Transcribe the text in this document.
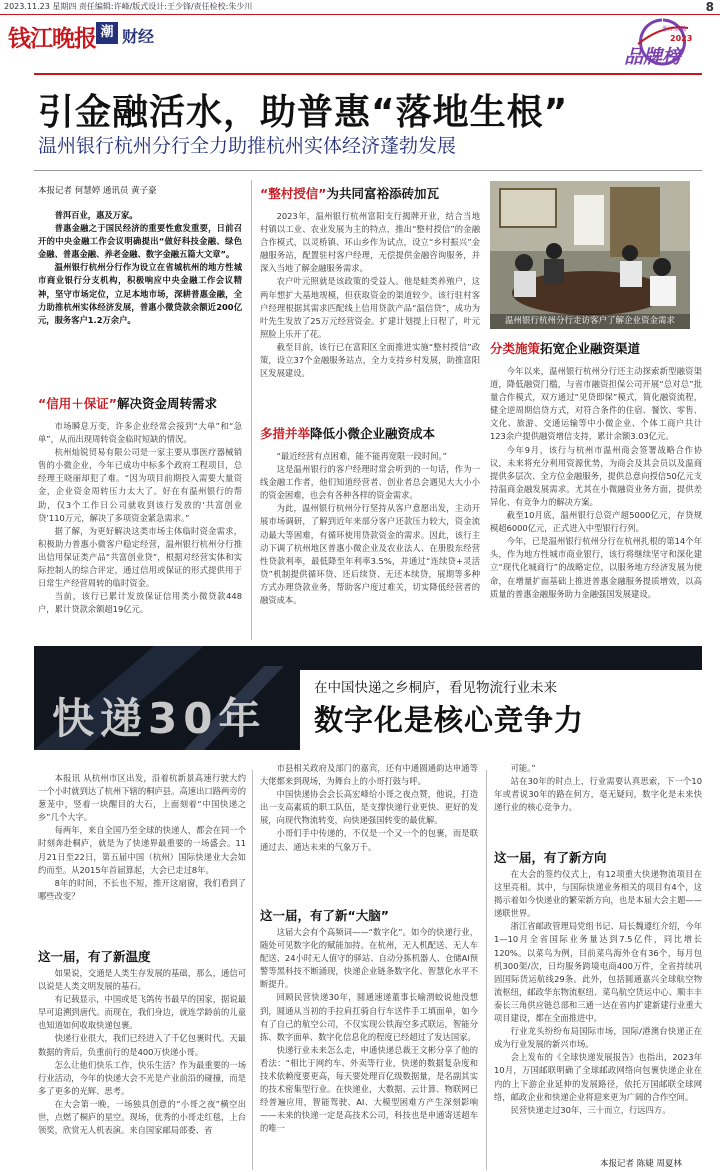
2023.11.23 星期四 责任编辑:许峰/版式设计:王少锋/责任检校:朱少川	8
钱江晚报 潮 财经	浙江金融
2023
品牌榜
引金融活水，助普惠“落地生根”
温州银行杭州分行全力助推杭州实体经济蓬勃发展
本报记者 何慧婷 通讯员 黄子豪

普洱百业，惠及万家。

普惠金融之于国民经济的重要性愈发重要，日前召开的中央金融工作会议明确提出“做好科技金融、绿色金融、普惠金融、养老金融、数字金融五篇大文章”。

温州银行杭州分行作为设立在省城杭州的地方性城市商业银行分支机构，积极响应中央金融工作会议精神，坚守市场定位，立足本地市场，深耕普惠金融，全力助推杭州实体经济发展，普惠小微贷款余额近200亿元，服务客户1.2万余户。

“信用＋保证”解决资金周转需求

市场瞬息万变，许多企业经常会接到“大单”和“急单”，从而出现周转资金临时短缺的情况。

杭州灿锐贸易有限公司是一家主要从事医疗器械销售的小微企业，今年已成功中标多个政府工程项目，总经理王晓丽却犯了难。“因为项目前期投入需要大量资金，企业资金周转压力太大了。好在有温州银行的帮助，仅3个工作日公司就收到该行发放的‘共富创业贷’110万元，解决了多项资金紧急需求。”

据了解，为更好解决这类市场主体临时资金需求，积极助力普惠小微客户稳定经营，温州银行杭州分行推出信用保证类产品“共富创业贷”，根据对经营实体和实际控制人的综合评定，通过信用或保证的形式提供用于日常生产经营周转的临时资金。

当前，该行已累计发放保证信用类小微贷款448户，累计贷款余额超19亿元。

“整村授信”为共同富裕添砖加瓦

2023年，温州银行杭州富阳支行揭牌开业，结合当地村镇以工业、农业发展为主的特点，推出“整村授信”的金融合作模式，以灵桥镇、环山乡作为试点，设立“乡村振兴”金融服务站，配置驻村客户经理，无偿提供金融咨询服务，并深入当地了解金融服务需求。

农户叶元照就是该政策的受益人。他是蛙类养殖户，这两年想扩大基地规模，但获取资金的渠道较少。该行驻村客户经理根据其需求匹配线上信用贷款产品“温信贷”，成功为叶先生发放了25万元经营资金。扩建计划提上日程了，叶元照脸上乐开了花。

截至目前，该行已在富阳区全面推进实施“整村授信”政策，设立37个金融服务站点，全力支持乡村发展，助推富阳区发展建设。

多措并举降低小微企业融资成本

“最近经营有点困难，能不能再宽限一段时间。”

这是温州银行的客户经理时常会听到的一句话，作为一线金融工作者，他们知道经营者、创业者总会遇见大大小小的资金困难，也会有各种各样的资金需求。

为此，温州银行杭州分行坚持从客户意愿出发，主动开展市场调研，了解到近年来部分客户还款压力较大，资金流动最大等困难，有循环使用贷款资金的需求。因此，该行主动下调了杭州地区普惠小微企业及农业法人、在册股东经营性贷款利率，最低降至年利率3.5%，并通过“连续贷+灵活贷”机制提供循环贷、还后续贷、无还本续贷，展期等多种方式办理贷款业务，帮助客户度过难关，切实降低经营者的融资成本。

温州银行杭州分行走访客户了解企业资金需求
分类施策拓宽企业融资渠道

今年以来，温州银行杭州分行还主动探索新型融资渠道，降低融资门槛，与省市融资担保公司开展“总对总”批量合作模式，双方通过“见贷即保”模式，简化融资流程，健全逆周期信贷方式，对符合条件的住宿、餐饮、零售、文化、旅游、交通运输等中小微企业、个体工商户共计123余户提供融资增信支持，累计余额3.03亿元。

今年9月，该行与杭州市温州商会签署战略合作协议，未来将充分利用资源优势，为商会及其会员以及温商提供多层次、全方位金融服务，提供总意向授信50亿元支持温商金融发展需求。尤其在小微融资业务方面，提供差异化、有竞争力的解决方案。

截至10月底，温州银行总资产超5000亿元，存贷规模超6000亿元，正式进入中型银行行列。

今年，已是温州银行杭州分行在杭州扎根的第14个年头，作为地方性城市商业银行，该行将继续坚守和深化建立“现代化城商行”的战略定位，以服务地方经济发展为使命，在增量扩面基础上推进普惠金融服务提质增效，以高质量的普惠金融服务助力金融强国发展建设。

快递30年
在中国快递之乡桐庐，看见物流行业未来
数字化是核心竞争力

本报讯 从杭州市区出发，沿着杭新景高速行驶大约一个小时就到达了杭州下辖的桐庐县。高速出口路两旁的葱茏中，竖着一块醒目的大石，上面刻着“中国快递之乡”几个大字。

每两年，来自全国乃至全球的快递人，都会在同一个时刻奔赴桐庐，就是为了快递界最重要的一场盛会。11月21日至22日，第五届中国（杭州）国际快递业大会如约而至。从2015年首届算起，大会已走过8年。

8年的时间，不长也不短，推开这扇窗，我们看到了哪些改变？

这一届，有了新温度

如果说，交通是人类生存发展的基础，那么，通信可以说是人类文明发展的基石。

有记载显示，中国或是飞鸽传书最早的国家，据说最早可追溯到唐代。而现在，我们身边，就连学龄前的儿童也知道如何收取快递包裹。

快递行业很大，我们已经进入了千亿包裹时代。天最数据的背后，负重前行的是400万快递小哥。

怎么让他们快乐工作，快乐生活？作为最重要的一场行业活动，今年的快递大会不光是产业前沿的碰撞，而是多了更多的光辉、思考。

在大会第一晚，一场独具创意的“小哥之夜”横空出世，点燃了桐庐的星空。现场，优秀的小哥走红毯，上台领奖，欣赏无人机表演。来自国家邮局部委、省

市县相关政府及部门的嘉宾，还有中通圆通韵达申通等大佬都来到现场，为舞台上的小哥打鼓与呼。

中国快递协会会长高宏峰给小哥之夜点赞，他说，打造出一支高素质的职工队伍，是支撑快递行业更快、更好的发展，向现代物流转变，向快递强国转变的最优解。

小哥们手中传递的，不仅是一个又一个的包裹，而是联通过去、通达未来的气象万千。

这一届，有了新“大脑”

这届大会有个高频词——“数字化”。如今的快递行业，随处可见数字化的赋能加持。在杭州，无人机配送、无人车配送、24小时无人值守的驿站、自动分拣机器人、仓储AI预警等黑科技不断涌现，快递企业链条数字化、智慧化水平不断提升。

回顾民营快递30年，圆通速递董事长喻渭蛟说他没想到，圆通从当初的手拉肩扛骑自行车送件手工填面单，如今有了自己的航空公司，不仅实现公铁海空多式联运，智能分拣、数字面单、数字化信息化的程度已经超过了发达国家。

快递行业未来怎么走，申通快递总裁王文彬分享了他的看法：“相比于网约车、外卖等行业，快递的数据复杂度和技术依赖度要更高，每天要处理百亿级数据量，是名副其实的技术密集型行业。在快递业，大数据、云计算、物联网已经普遍应用，智能驾驶、AI、大模型困难方产生深刻影响——未来的快递一定是高技术公司，科技也是申通寄送超车的唯一

可能。”

站在30年的时点上，行业需要认真思索，下一个10年或者说30年的路在何方，毫无疑问，数字化是未来快递行业的核心竞争力。

这一届，有了新方向

在大会的签约仪式上，有12项重大快递物流项目在这里亮相。其中，与国际快递业务相关的项目有4个，这揭示着如今快递业的繁荣新方向，也是本届大会主题——递联世界。

浙江省邮政管理局党组书记、局长魏遵红介绍，今年1—10月全省国际业务量达到7.5亿件，同比增长120%。以菜鸟为例，目前菜鸟海外仓有36个，每月包机300架/次，日均服务跨境电商400万件，全省持续巩固国际货运航线29条。此外，包括圆通嘉兴全球航空物流枢纽，邮政华东物流枢纽、菜鸟航空货运中心、顺丰丰泰长三角供应链总部和三通一达在省内扩建新建行业重大项目建设，都在全面推进中。

行业龙头纷纷布局国际市场，国际/港澳台快递正在成为行业发展的新兴市场。

会上发布的《全球快递发展报告》也指出，2023年10月，万国邮联明确了全球邮政网络向包裹快递企业在内的上下游企业延伸的发展路径，依托万国邮联全球网络，邮政企业和快递企业将迎来更为广阔的合作空间。

民营快递走过30年，三十而立，行远四方。

本报记者 陈婕 周夏林
